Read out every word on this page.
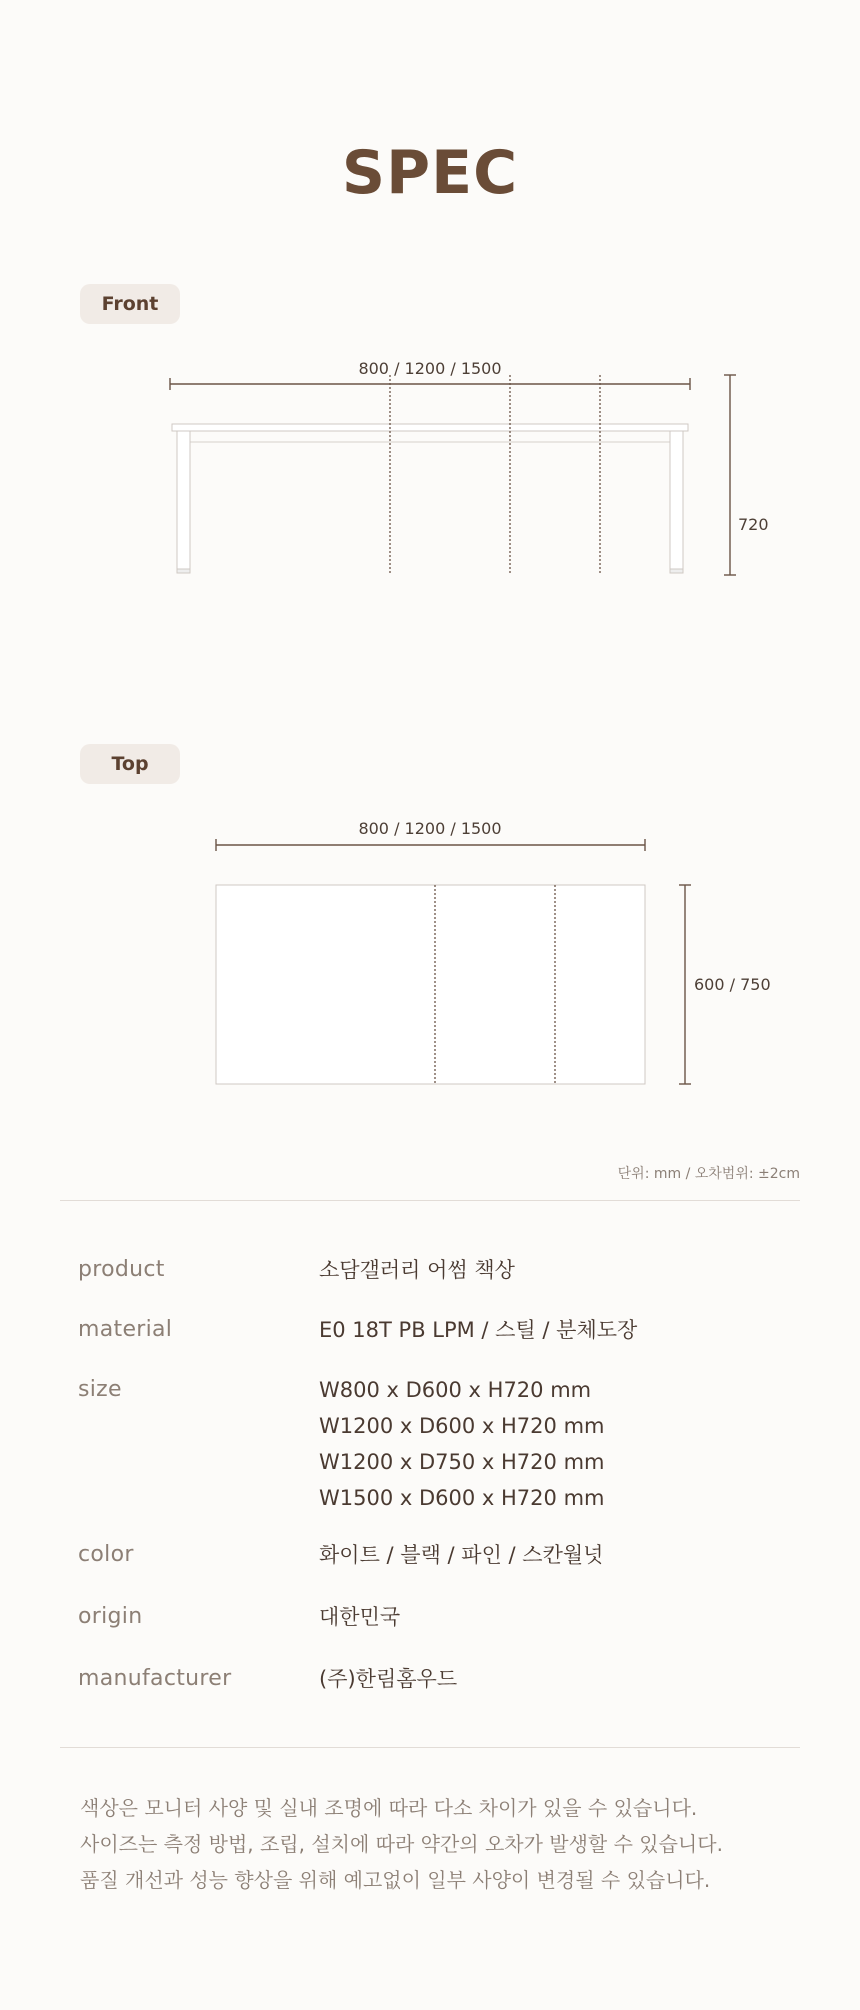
SPEC
Front
800 / 1200 / 1500
720
Top
800 / 1200 / 1500
600 / 750
단위: mm / 오차범위: ±2cm
product	소담갤러리 어썸 책상
material	E0 18T PB LPM / 스틸 / 분체도장
size	W800 x D600 x H720 mm
W1200 x D600 x H720 mm
W1200 x D750 x H720 mm
W1500 x D600 x H720 mm
color	화이트 / 블랙 / 파인 / 스칸월넛
origin	대한민국
manufacturer	(주)한림홈우드
색상은 모니터 사양 및 실내 조명에 따라 다소 차이가 있을 수 있습니다.
사이즈는 측정 방법, 조립, 설치에 따라 약간의 오차가 발생할 수 있습니다.
품질 개선과 성능 향상을 위해 예고없이 일부 사양이 변경될 수 있습니다.
